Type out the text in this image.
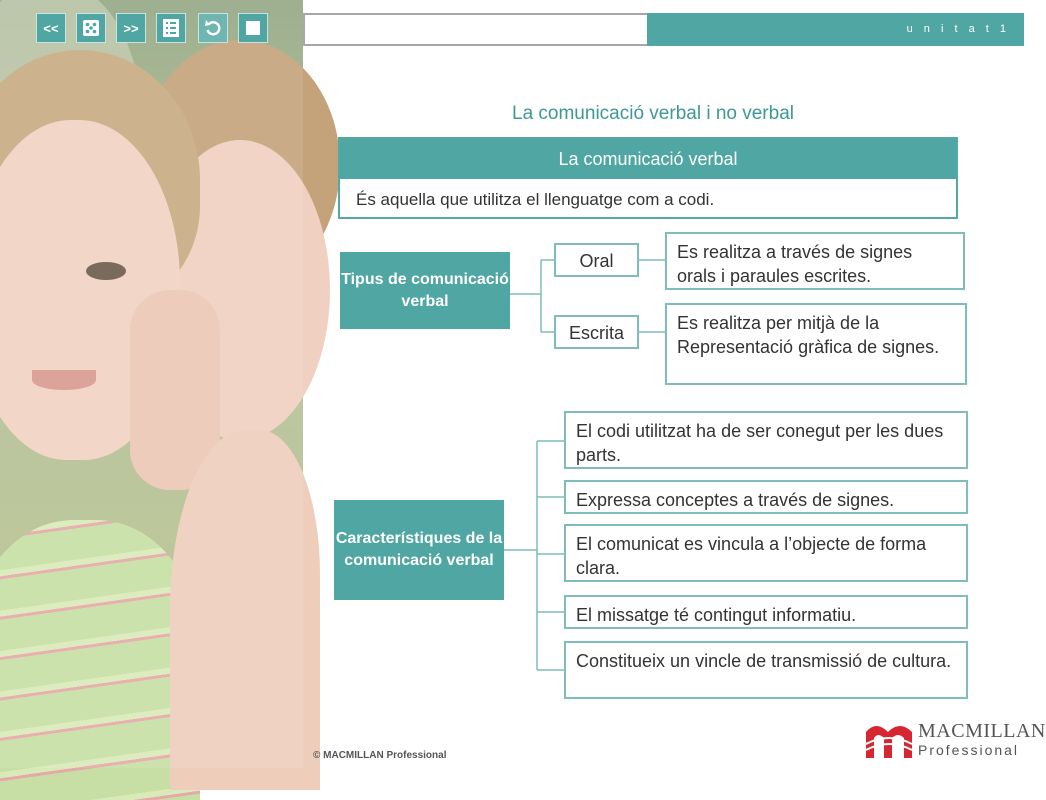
<<	>>	u n i t a t 1
La comunicació verbal i no verbal
La comunicació verbal
És aquella que utilitza el llenguatge com a codi.
Tipus de comunicació verbal
Oral
Escrita
Es realitza a través de signes orals i paraules escrites.
Es realitza per mitjà de la Representació gràfica de signes.
Característiques de la comunicació verbal
El codi utilitzat ha de ser conegut per les dues parts.
Expressa conceptes a través de signes.
El comunicat es vincula a l’objecte de forma clara.
El missatge té contingut informatiu.
Constitueix un vincle de transmissió de cultura.
© MACMILLAN Professional
MACMILLAN
Professional
